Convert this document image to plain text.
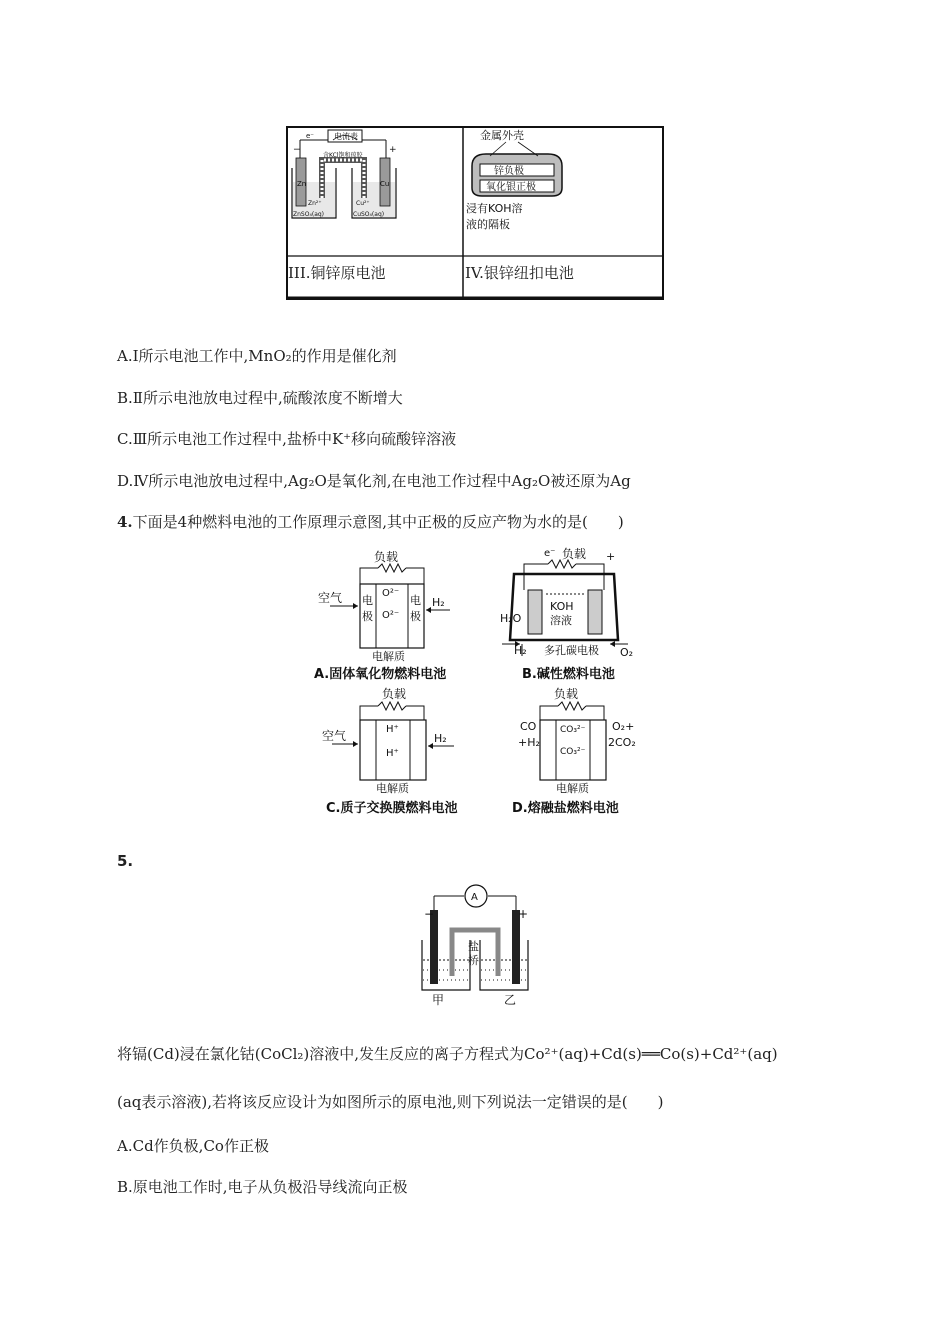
电流表
e⁻
−	+
含KCl饱和琼胶
Zn	Cu
Zn²⁺	Cu²⁺
ZnSO₄(aq)	CuSO₄(aq)
金属外壳
锌负极
氧化银正极
浸有KOH溶
液的隔板
III.铜锌原电池	IV.银锌纽扣电池
A.Ⅰ所示电池工作中,MnO₂的作用是催化剂
B.Ⅱ所示电池放电过程中,硫酸浓度不断增大
C.Ⅲ所示电池工作过程中,盐桥中K⁺移向硫酸锌溶液
D.Ⅳ所示电池放电过程中,Ag₂O是氧化剂,在电池工作过程中Ag₂O被还原为Ag
4.下面是4种燃料电池的工作原理示意图,其中正极的反应产物为水的是(　　)
负载
空气	H₂
电
极
电
极
O²⁻
O²⁻
电解质
A.固体氧化物燃料电池
e⁻ 负载 +
KOH
溶液
H₂O
H₂ 多孔碳电极 O₂
B.碱性燃料电池
负载
空气	H₂
H⁺
H⁺
电解质
C.质子交换膜燃料电池
负载
CO
+H₂
CO₃²⁻
CO₃²⁻
O₂+
2CO₂
电解质
D.熔融盐燃料电池
5.
A
−	+
盐
桥
甲	乙
将镉(Cd)浸在氯化钴(CoCl₂)溶液中,发生反应的离子方程式为Co²⁺(aq)+Cd(s)══Co(s)+Cd²⁺(aq)
(aq表示溶液),若将该反应设计为如图所示的原电池,则下列说法一定错误的是(　　)
A.Cd作负极,Co作正极
B.原电池工作时,电子从负极沿导线流向正极
